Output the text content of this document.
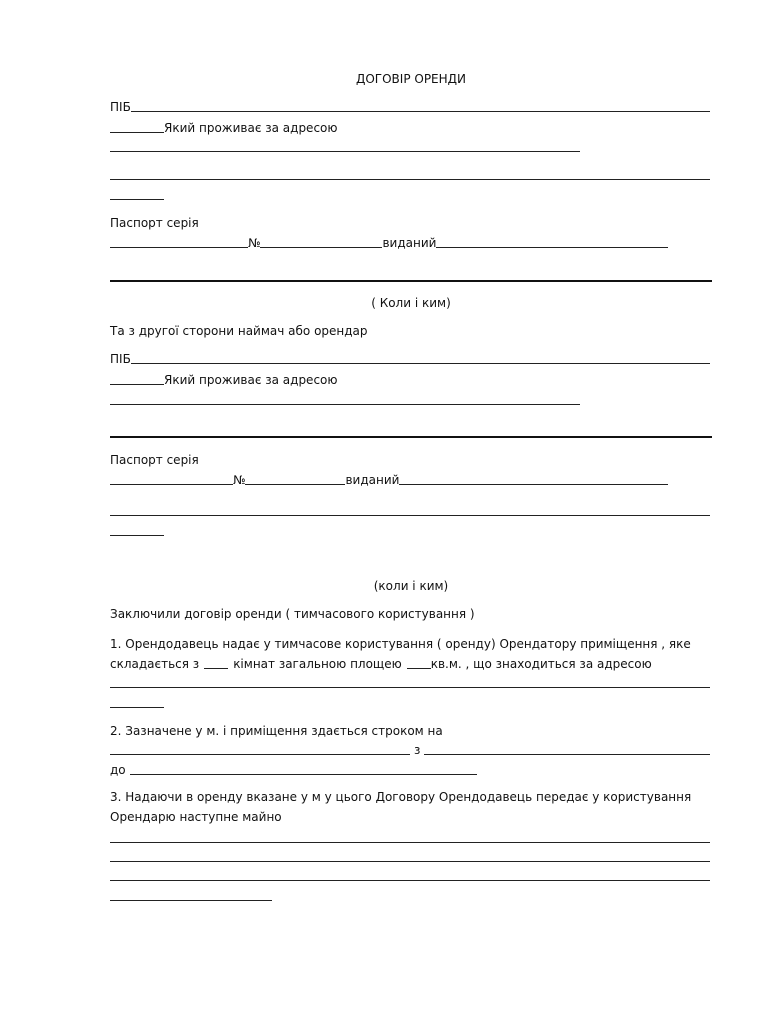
ДОГОВІР ОРЕНДИ
ПІБ
Який проживає за адресою
Паспорт серія
№	виданий
( Коли і ким)
Та з другої сторони наймач або орендар
ПІБ
Який проживає за адресою
Паспорт серія
№	виданий
(коли і ким)
Заключили договір оренди ( тимчасового користування )
1. Орендодавець надає у тимчасове користування ( оренду) Орендатору приміщення , яке
складається з	кімнат загальною площею кв.м. , що знаходиться за адресою
2. Зазначене у м. і приміщення здається строком на
з
до
3. Надаючи в оренду вказане у м у цього Договору Орендодавець передає у користування
Орендарю наступне майно
